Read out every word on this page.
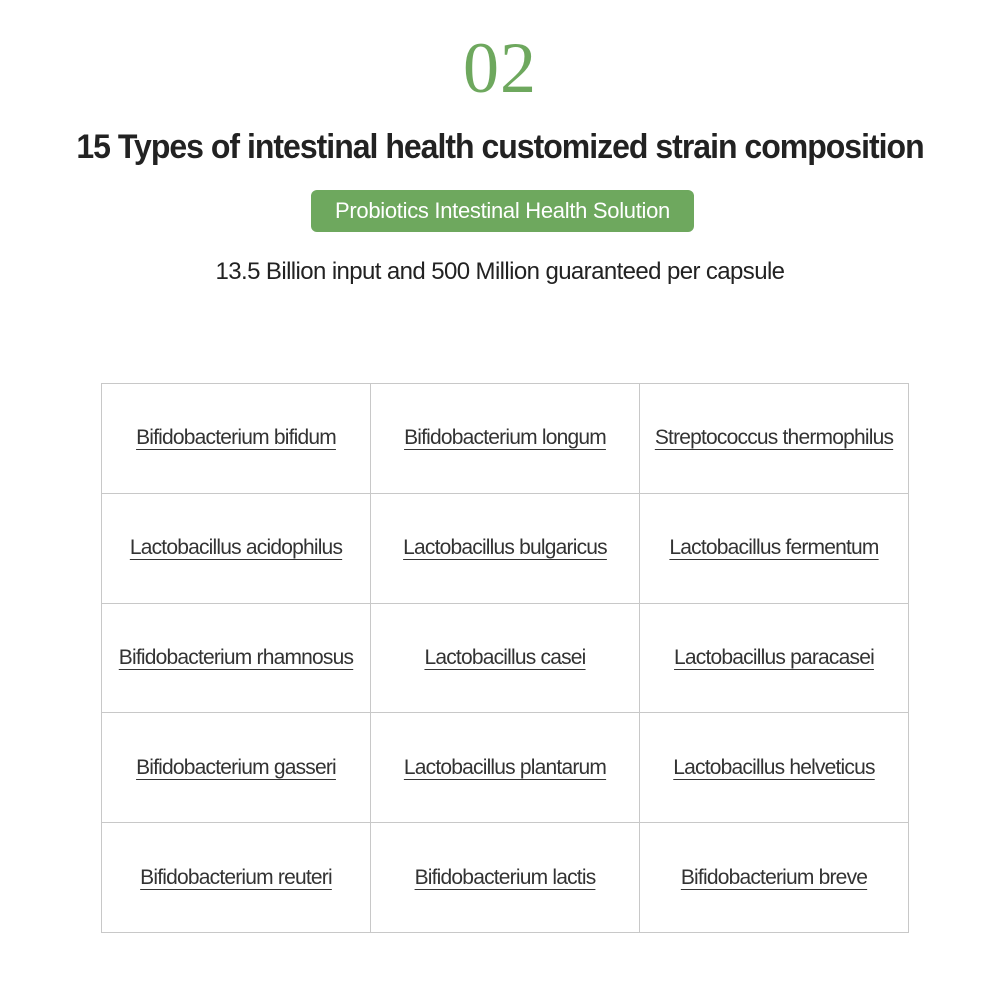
02
15 Types of intestinal health customized strain composition
Probiotics Intestinal Health Solution
13.5 Billion input and 500 Million guaranteed per capsule
Bifidobacterium bifidum	Bifidobacterium longum	Streptococcus thermophilus
Lactobacillus acidophilus	Lactobacillus bulgaricus	Lactobacillus fermentum
Bifidobacterium rhamnosus	Lactobacillus casei	Lactobacillus paracasei
Bifidobacterium gasseri	Lactobacillus plantarum	Lactobacillus helveticus
Bifidobacterium reuteri	Bifidobacterium lactis	Bifidobacterium breve
